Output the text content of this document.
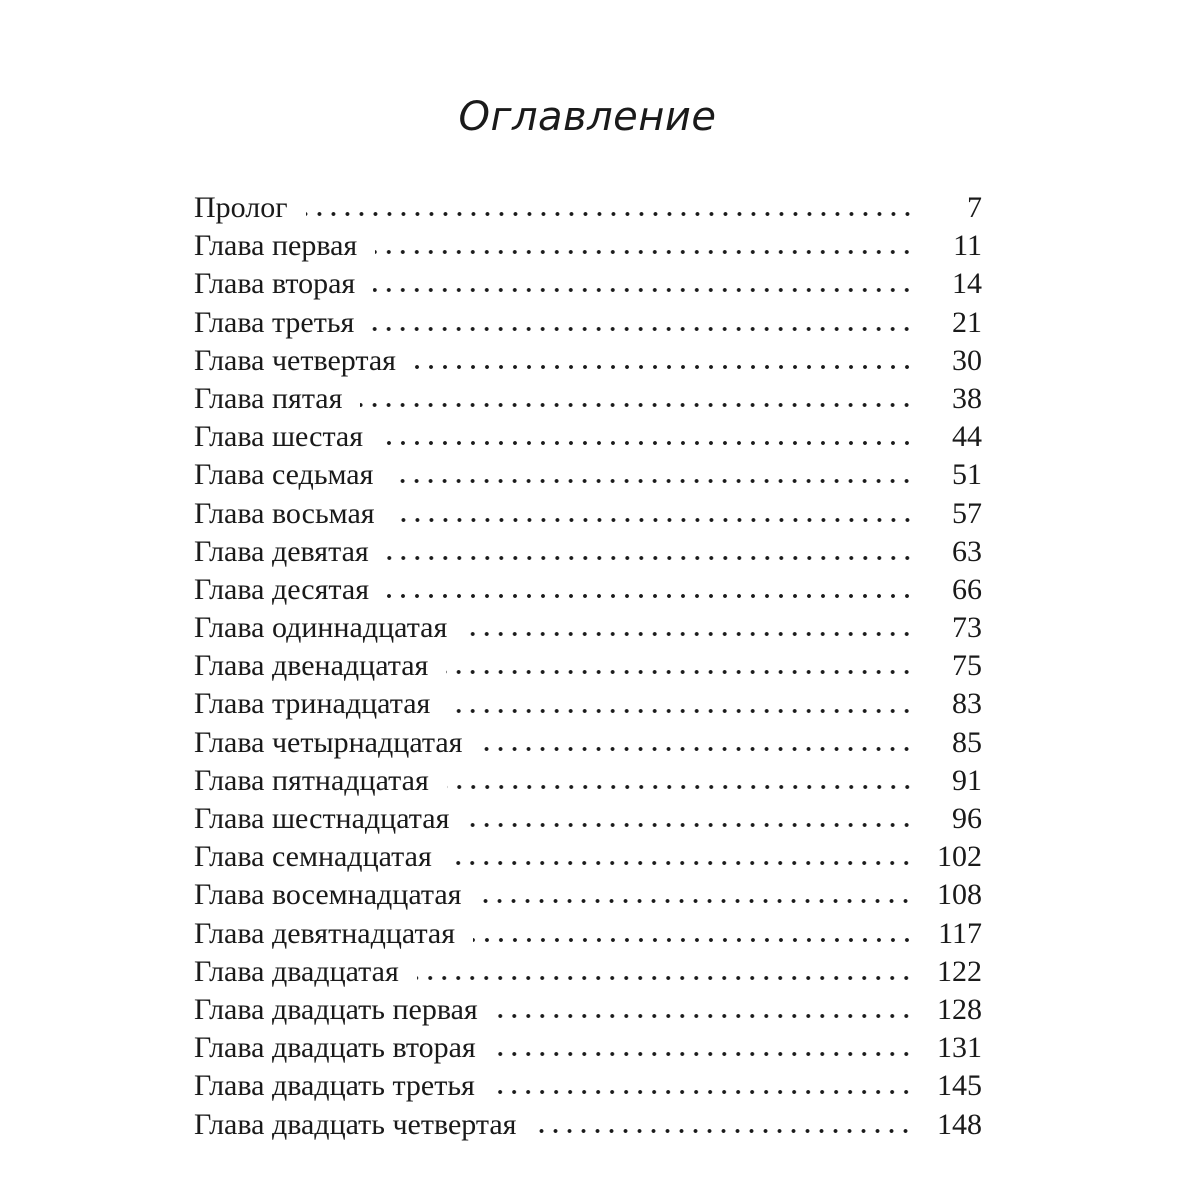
Оглавление
Пролог	7
Глава первая	11
Глава вторая	14
Глава третья	21
Глава четвертая	30
Глава пятая	38
Глава шестая	44
Глава седьмая	51
Глава восьмая	57
Глава девятая	63
Глава десятая	66
Глава одиннадцатая	73
Глава двенадцатая	75
Глава тринадцатая	83
Глава четырнадцатая	85
Глава пятнадцатая	91
Глава шестнадцатая	96
Глава семнадцатая	102
Глава восемнадцатая	108
Глава девятнадцатая	117
Глава двадцатая	122
Глава двадцать первая	128
Глава двадцать вторая	131
Глава двадцать третья	145
Глава двадцать четвертая	148
